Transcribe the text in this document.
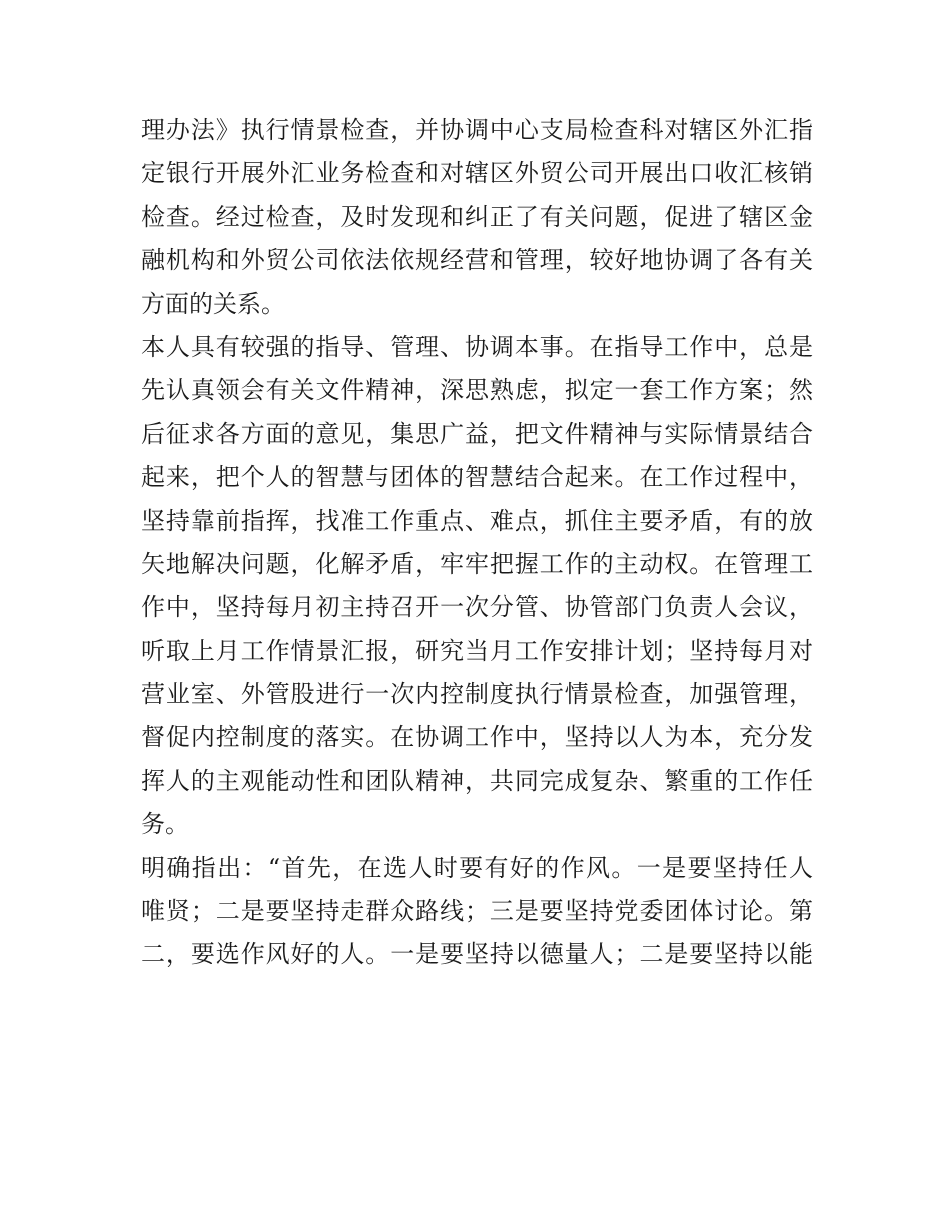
理办法》执行情景检查，并协调中心支局检查科对辖区外汇指
定银行开展外汇业务检查和对辖区外贸公司开展出口收汇核销
检查。经过检查，及时发现和纠正了有关问题，促进了辖区金
融机构和外贸公司依法依规经营和管理，较好地协调了各有关
方面的关系。
本人具有较强的指导、管理、协调本事。在指导工作中，总是
先认真领会有关文件精神，深思熟虑，拟定一套工作方案；然
后征求各方面的意见，集思广益，把文件精神与实际情景结合
起来，把个人的智慧与团体的智慧结合起来。在工作过程中，
坚持靠前指挥，找准工作重点、难点，抓住主要矛盾，有的放
矢地解决问题，化解矛盾，牢牢把握工作的主动权。在管理工
作中，坚持每月初主持召开一次分管、协管部门负责人会议，
听取上月工作情景汇报，研究当月工作安排计划；坚持每月对
营业室、外管股进行一次内控制度执行情景检查，加强管理，
督促内控制度的落实。在协调工作中，坚持以人为本，充分发
挥人的主观能动性和团队精神，共同完成复杂、繁重的工作任
务。
明确指出：“首先，在选人时要有好的作风。一是要坚持任人
唯贤；二是要坚持走群众路线；三是要坚持党委团体讨论。第
二，要选作风好的人。一是要坚持以德量人；二是要坚持以能
